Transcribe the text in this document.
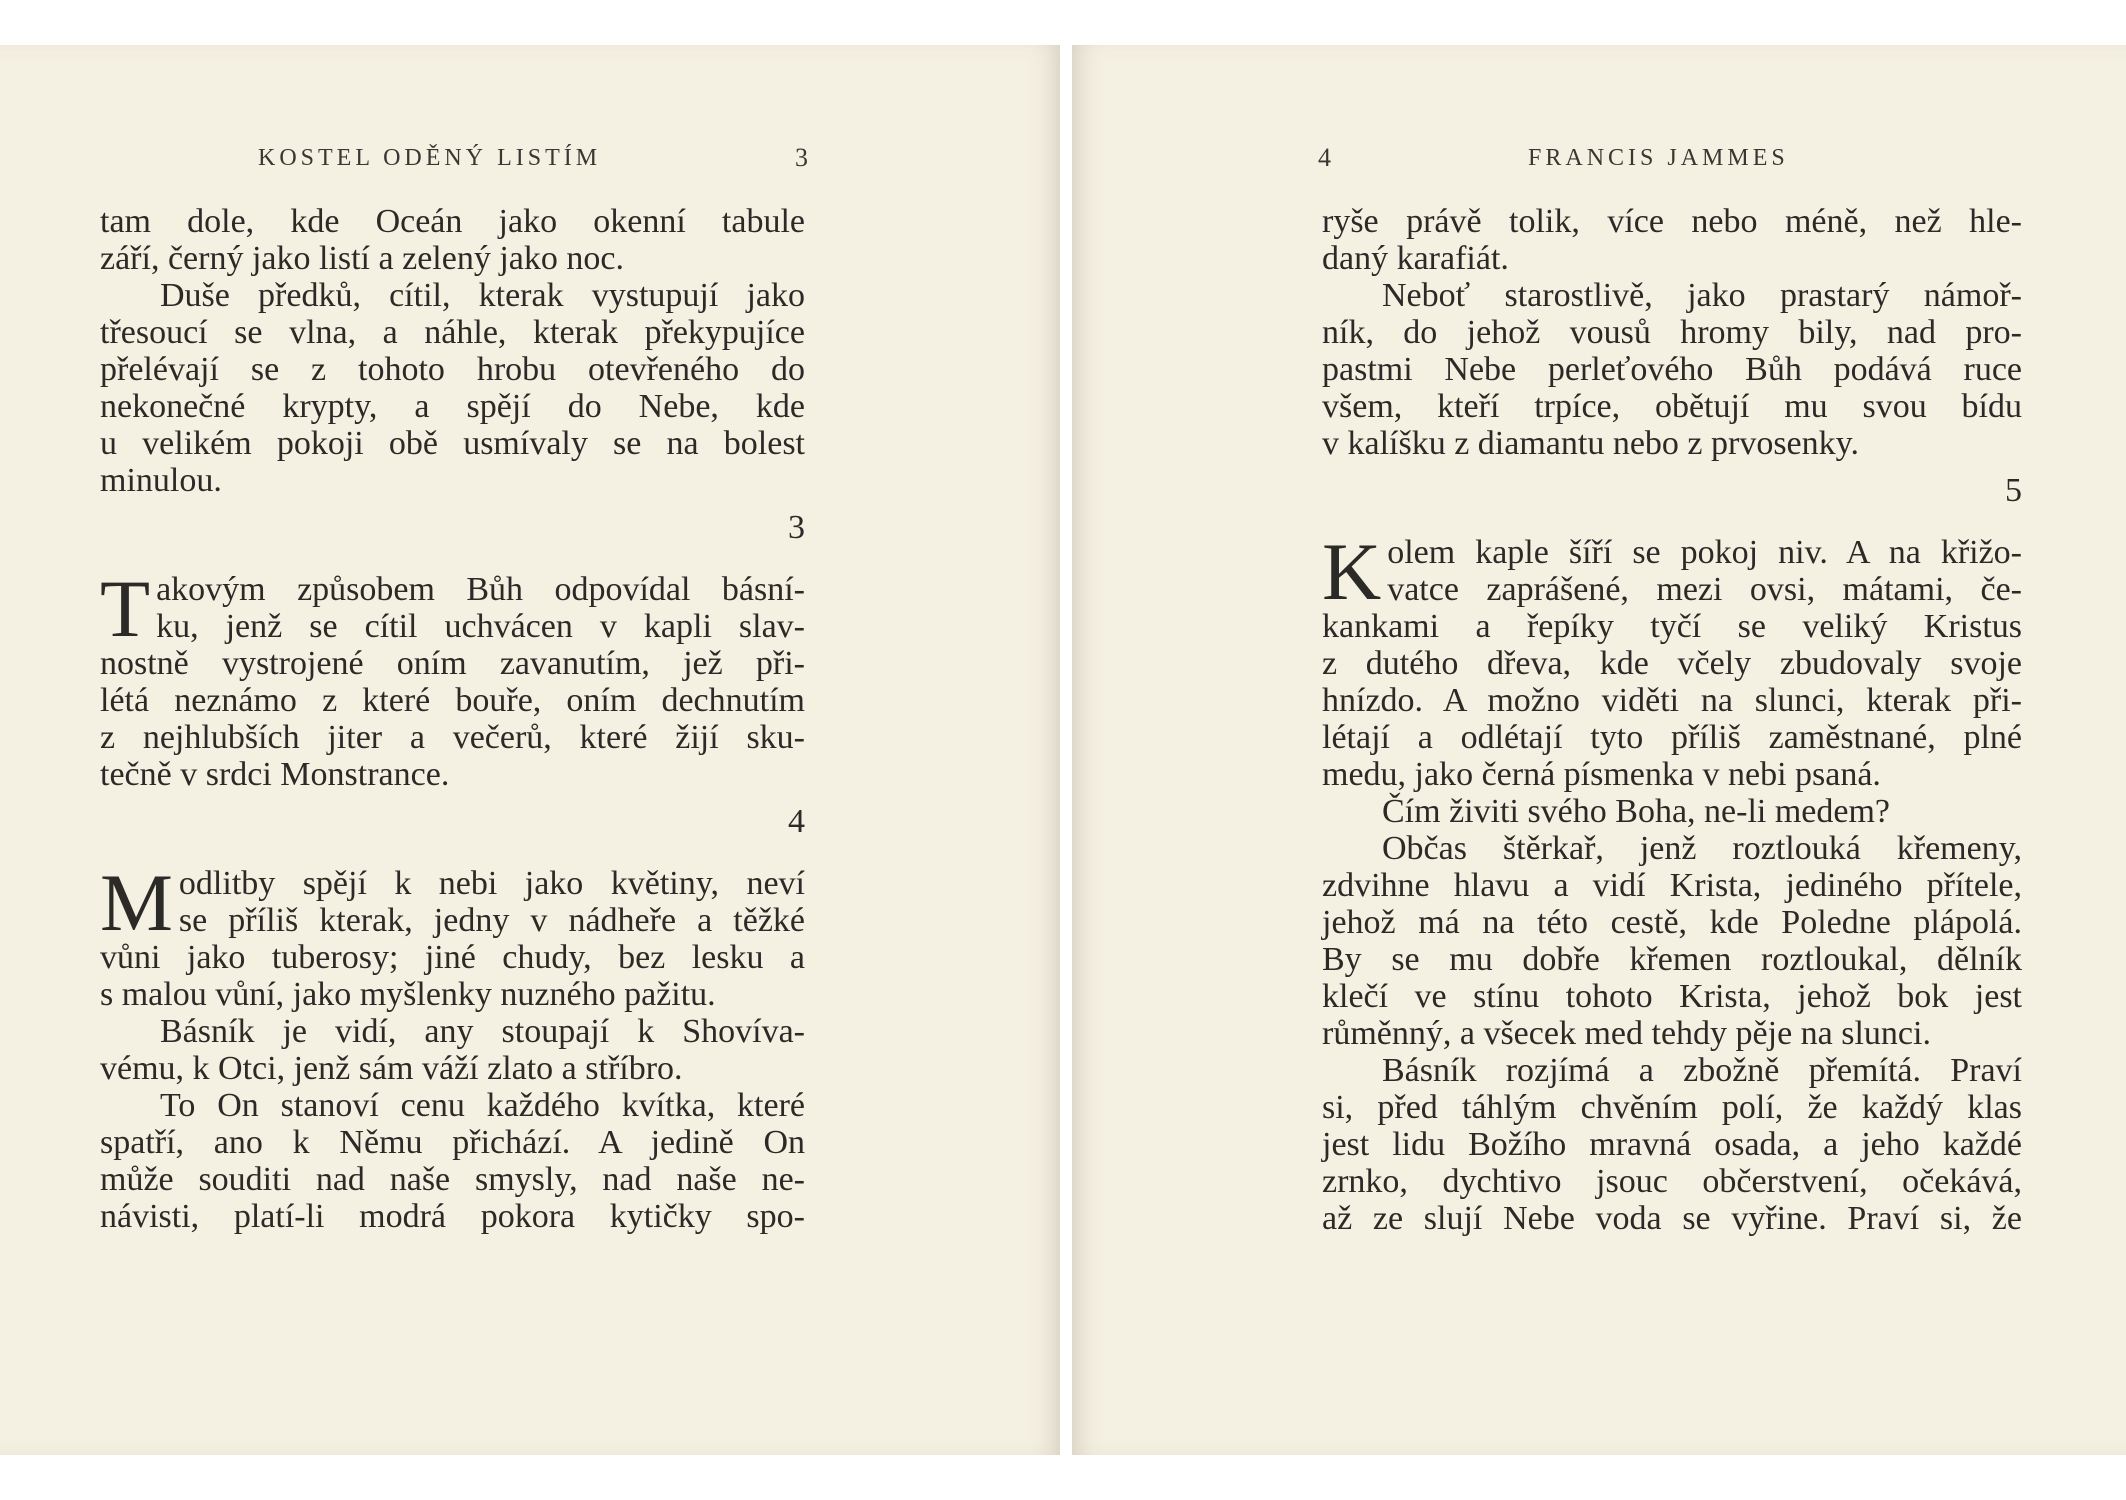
KOSTEL ODĚNÝ LISTÍM	3
tam dole, kde Oceán jako okenní tabule
září, černý jako listí a zelený jako noc.
Duše předků, cítil, kterak vystupují jako
třesoucí se vlna, a náhle, kterak překypujíce
přelévají se z tohoto hrobu otevřeného do
nekonečné krypty, a spějí do Nebe, kde
u velikém pokoji obě usmívaly se na bolest
minulou.
3
T akovým způsobem Bůh odpovídal básní-
ku, jenž se cítil uchvácen v kapli slav-
nostně vystrojené oním zavanutím, jež při-
létá neznámo z které bouře, oním dechnutím
z nejhlubších jiter a večerů, které žijí sku-
tečně v srdci Monstrance.
4
M odlitby spějí k nebi jako květiny, neví
se příliš kterak, jedny v nádheře a těžké
vůni jako tuberosy; jiné chudy, bez lesku a
s malou vůní, jako myšlenky nuzného pažitu.
Básník je vidí, any stoupají k Shovíva-
vému, k Otci, jenž sám váží zlato a stříbro.
To On stanoví cenu každého kvítka, které
spatří, ano k Němu přichází. A jedině On
může souditi nad naše smysly, nad naše ne-
návisti, platí-li modrá pokora kytičky spo-
4	FRANCIS JAMMES
ryše právě tolik, více nebo méně, než hle-
daný karafiát.
Neboť starostlivě, jako prastarý námoř-
ník, do jehož vousů hromy bily, nad pro-
pastmi Nebe perleťového Bůh podává ruce
všem, kteří trpíce, obětují mu svou bídu
v kalíšku z diamantu nebo z prvosenky.
5
K olem kaple šíří se pokoj niv. A na křižo-
vatce zaprášené, mezi ovsi, mátami, če-
kankami a řepíky tyčí se veliký Kristus
z dutého dřeva, kde včely zbudovaly svoje
hnízdo. A možno viděti na slunci, kterak při-
létají a odlétají tyto příliš zaměstnané, plné
medu, jako černá písmenka v nebi psaná.
Čím živiti svého Boha, ne-li medem?
Občas štěrkař, jenž roztlouká křemeny,
zdvihne hlavu a vidí Krista, jediného přítele,
jehož má na této cestě, kde Poledne plápolá.
By se mu dobře křemen roztloukal, dělník
klečí ve stínu tohoto Krista, jehož bok jest
růměnný, a všecek med tehdy pěje na slunci.
Básník rozjímá a zbožně přemítá. Praví
si, před táhlým chvěním polí, že každý klas
jest lidu Božího mravná osada, a jeho každé
zrnko, dychtivo jsouc občerstvení, očekává,
až ze slují Nebe voda se vyřine. Praví si, že
